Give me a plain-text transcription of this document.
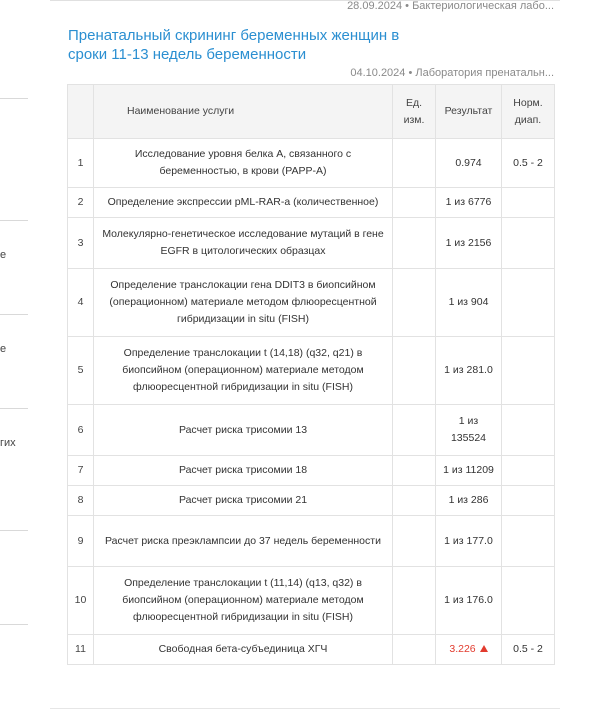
e
e
гих
28.09.2024 • Бактериологическая лабо...
Пренатальный скрининг беременных женщин в сроки 11-13 недель беременности
04.10.2024 • Лаборатория пренатальн...
	Наименование услуги	Ед. изм.	Результат	Норм. диап.
1	Исследование уровня белка А, связанного с беременностью, в крови (PAPP-A)		0.974	0.5 - 2
2	Определение экспрессии pML-RAR-a (количественное)		1 из 6776	
3	Молекулярно-генетическое исследование мутаций в гене EGFR в цитологических образцах		1 из 2156	
4	Определение транслокации гена DDIT3 в биопсийном (операционном) материале методом флюоресцентной гибридизации in situ (FISH)		1 из 904	
5	Определение транслокации t (14,18) (q32, q21) в биопсийном (операционном) материале методом флюоресцентной гибридизации in situ (FISH)		1 из 281.0	
6	Расчет риска трисомии 13		1 из 135524	
7	Расчет риска трисомии 18		1 из 11209	
8	Расчет риска трисомии 21		1 из 286	
9	Расчет риска преэклампсии до 37 недель беременности		1 из 177.0	
10	Определение транслокации t (11,14) (q13, q32) в биопсийном (операционном) материале методом флюоресцентной гибридизации in situ (FISH)		1 из 176.0	
11	Свободная бета-субъединица ХГЧ		3.226	0.5 - 2
